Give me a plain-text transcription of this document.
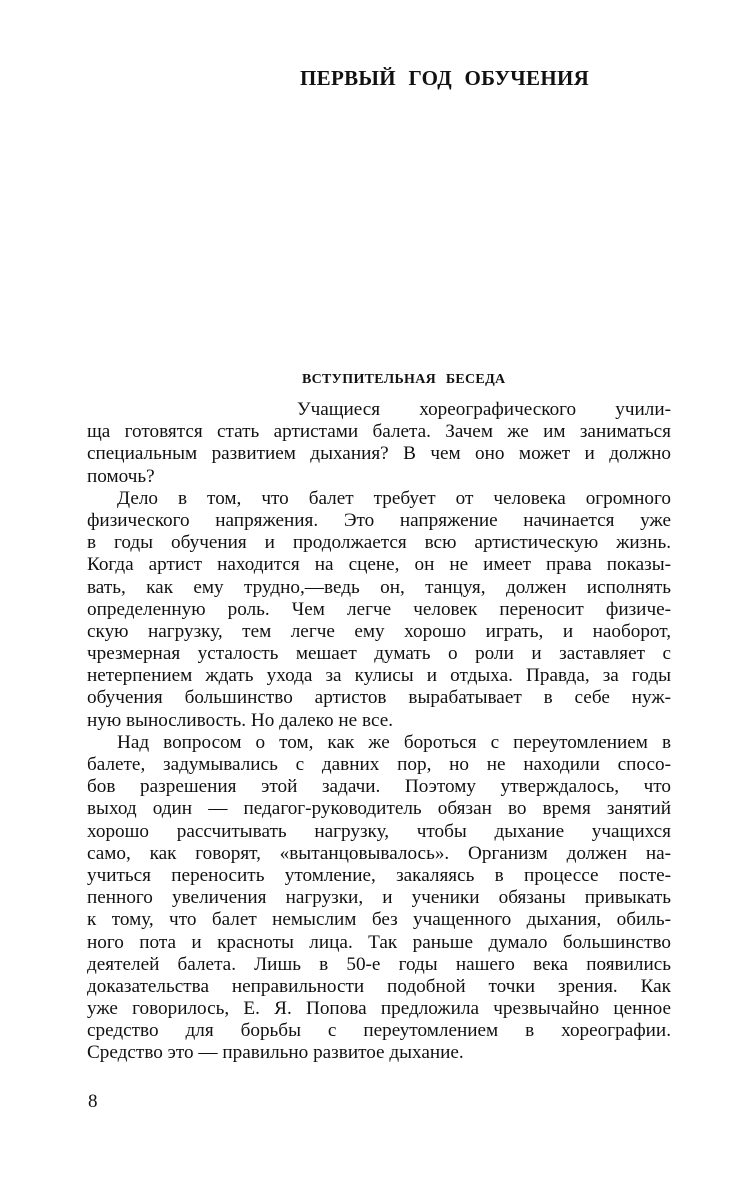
ПЕРВЫЙ ГОД ОБУЧЕНИЯ
ВСТУПИТЕЛЬНАЯ БЕСЕДА
Учащиеся хореографического учили-
ща готовятся стать артистами балета. Зачем же им заниматься
специальным развитием дыхания? В чем оно может и должно
помочь?
Дело в том, что балет требует от человека огромного
физического напряжения. Это напряжение начинается уже
в годы обучения и продолжается всю артистическую жизнь.
Когда артист находится на сцене, он не имеет права показы-
вать, как ему трудно,—ведь он, танцуя, должен исполнять
определенную роль. Чем легче человек переносит физиче-
скую нагрузку, тем легче ему хорошо играть, и наоборот,
чрезмерная усталость мешает думать о роли и заставляет с
нетерпением ждать ухода за кулисы и отдыха. Правда, за годы
обучения большинство артистов вырабатывает в себе нуж-
ную выносливость. Но далеко не все.
Над вопросом о том, как же бороться с переутомлением в
балете, задумывались с давних пор, но не находили спосо-
бов разрешения этой задачи. Поэтому утверждалось, что
выход один — педагог-руководитель обязан во время занятий
хорошо рассчитывать нагрузку, чтобы дыхание учащихся
само, как говорят, «вытанцовывалось». Организм должен на-
учиться переносить утомление, закаляясь в процессе посте-
пенного увеличения нагрузки, и ученики обязаны привыкать
к тому, что балет немыслим без учащенного дыхания, обиль-
ного пота и красноты лица. Так раньше думало большинство
деятелей балета. Лишь в 50-е годы нашего века появились
доказательства неправильности подобной точки зрения. Как
уже говорилось, Е. Я. Попова предложила чрезвычайно ценное
средство для борьбы с переутомлением в хореографии.
Средство это — правильно развитое дыхание.
8
